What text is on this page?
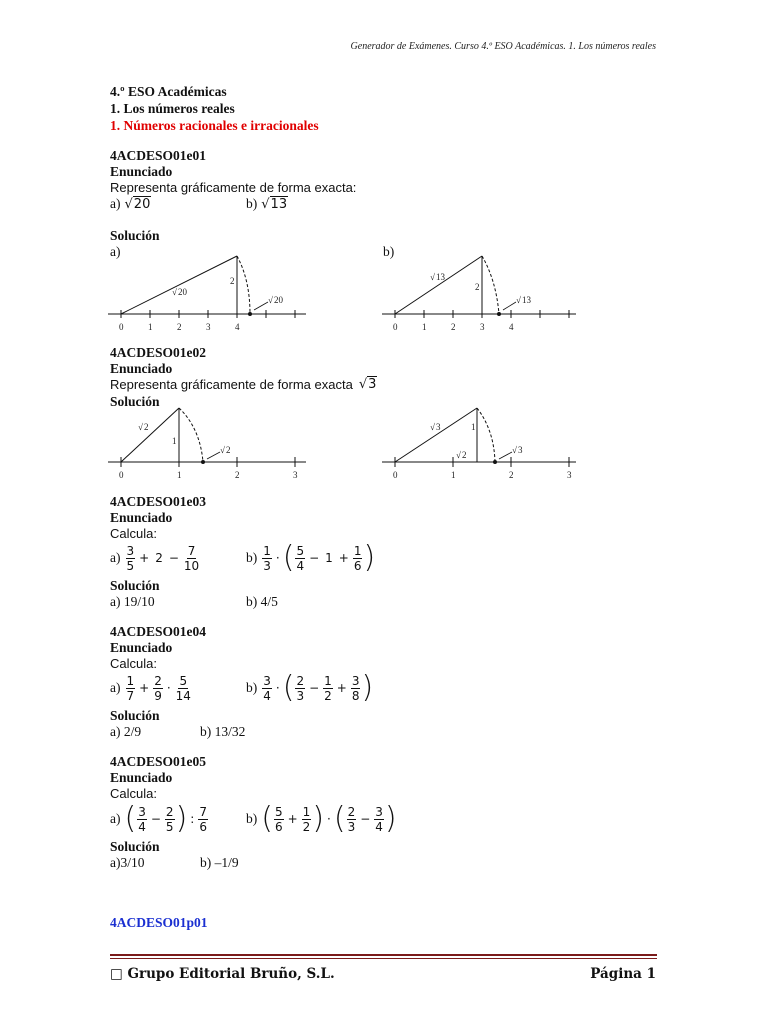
Generador de Exámenes. Curso 4.º ESO Académicas. 1. Los números reales
4.º ESO Académicas
1. Los números reales
1. Números racionales e irracionales
4ACDESO01e01
Enunciado
Representa gráficamente de forma exacta:
a) √20	b) √13
Solución
a)	b)
0	1	2	3	4
2
√ 20
√ 20
0	1	2	3	4
2
√ 13
√ 13
4ACDESO01e02
Enunciado
Representa gráficamente de forma exacta √3
Solución
0	1	2	3
1
√ 2
√ 2
0	1	2	3
1
√ 3
√ 2	√ 3
4ACDESO01e03
Enunciado
Calcula:
$a) \frac{3}{5} + 2 - \frac{7}{10}$	$b) \frac{1}{3}$ · ( $\frac{5}{4} - 1 + \frac{1}{6}$ )
Solución
a) 19/10	b) 4/5
4ACDESO01e04
Enunciado
Calcula:
$a) \frac{1}{7} + \frac{2}{9} \cdot \frac{5}{14}$	$b) \frac{3}{4}$ · ( $\frac{2}{3} - \frac{1}{2} + \frac{3}{8}$ )
Solución
a) 2/9	b) 13/32
4ACDESO01e05
Enunciado
Calcula:
a) ( $\frac{3}{4} - \frac{2}{5}$ ) : $\frac{7}{6}$	b) ( $\frac{5}{6} + \frac{1}{2}$ ) · ( $\frac{2}{3} - \frac{3}{4}$ )
Solución
a)3/10	b) –1/9
4ACDESO01p01
□ Grupo Editorial Bruño, S.L.	Página 1
